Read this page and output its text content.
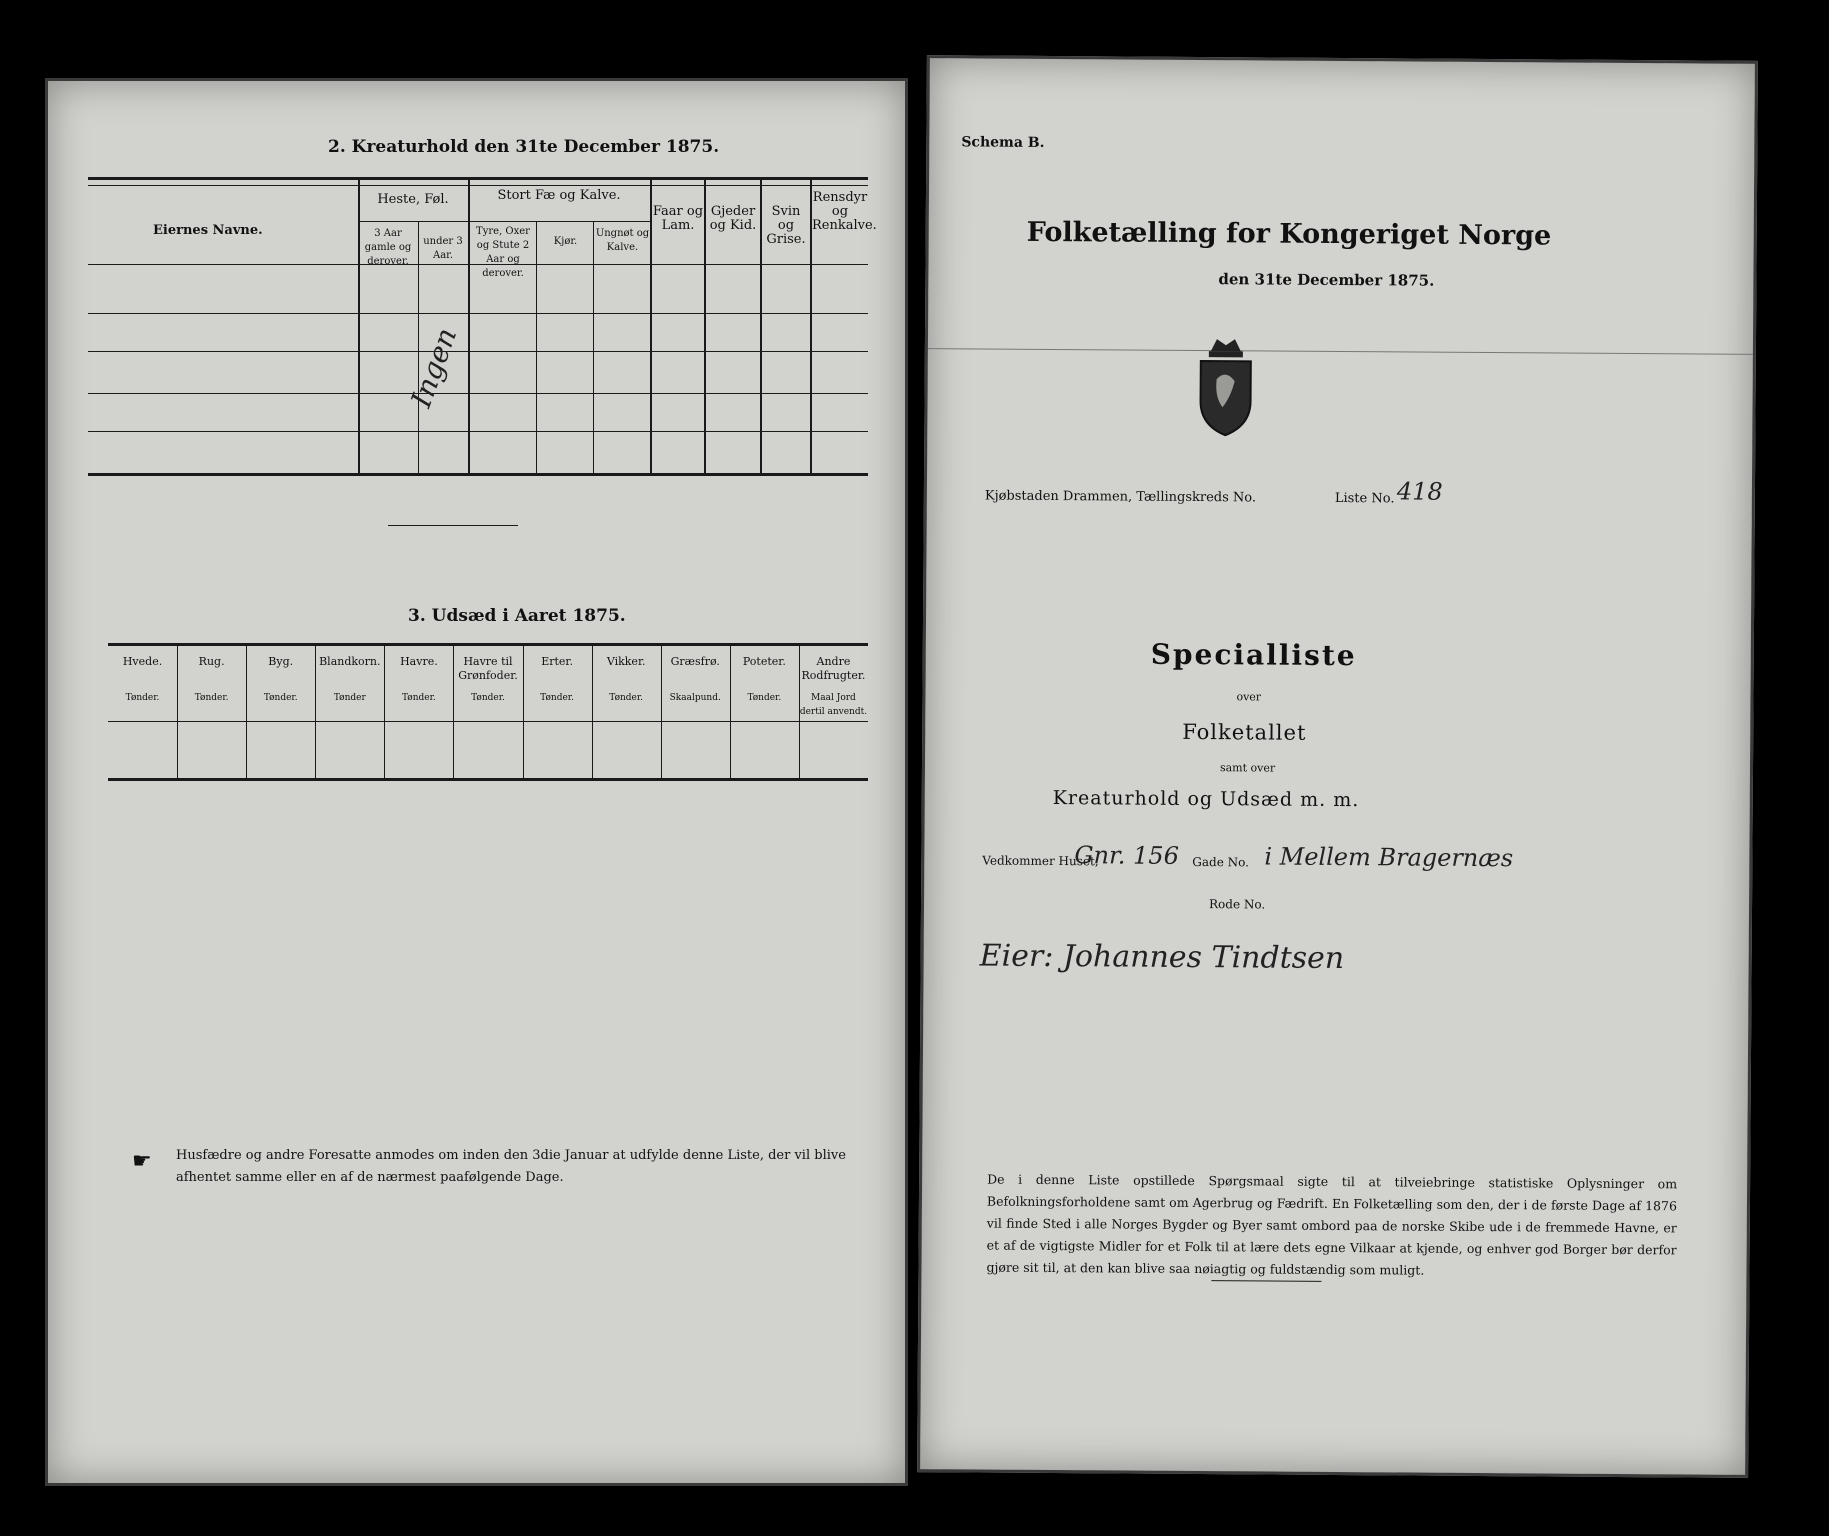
2. Kreaturhold den 31te December 1875.
Eiernes Navne.
Heste, Føl.
3 Aar gamle og derover.
under 3 Aar.
Stort Fæ og Kalve.
Tyre, Oxer og Stute 2 Aar og derover.
Kjør.
Ungnøt og Kalve.
Faar og Lam.
Gjeder og Kid.
Svin og Grise.
Rensdyr og Renkalve.
Ingen
3. Udsæd i Aaret 1875.
Hvede.
Tønder.
Rug.
Tønder.
Byg.
Tønder.
Blandkorn.
Tønder
Havre.
Tønder.
Havre til Grønfoder.
Tønder.
Erter.
Tønder.
Vikker.
Tønder.
Græsfrø.
Skaalpund.
Poteter.
Tønder.
Andre Rodfrugter.
Maal Jord dertil anvendt.
☛ Husfædre og andre Foresatte anmodes om inden den 3die Januar at udfylde denne Liste, der vil blive afhentet samme eller en af de nærmest paafølgende Dage.
Schema B.
Folketælling for Kongeriget Norge
den 31te December 1875.
Kjøbstaden Drammen, Tællingskreds No.	Liste No. 418
Specialliste
over
Folketallet
samt over
Kreaturhold og Udsæd m. m.
Vedkommer Huset,
Gnr. 156 Gade No. i Mellem Bragernæs
Rode No.
Eier: Johannes Tindtsen
De i denne Liste opstillede Spørgsmaal sigte til at tilveiebringe statistiske Oplysninger om Befolkningsforholdene samt om Agerbrug og Fædrift. En Folketælling som den, der i de første Dage af 1876 vil finde Sted i alle Norges Bygder og Byer samt ombord paa de norske Skibe ude i de fremmede Havne, er et af de vigtigste Midler for et Folk til at lære dets egne Vilkaar at kjende, og enhver god Borger bør derfor gjøre sit til, at den kan blive saa nøiagtig og fuldstændig som muligt.
